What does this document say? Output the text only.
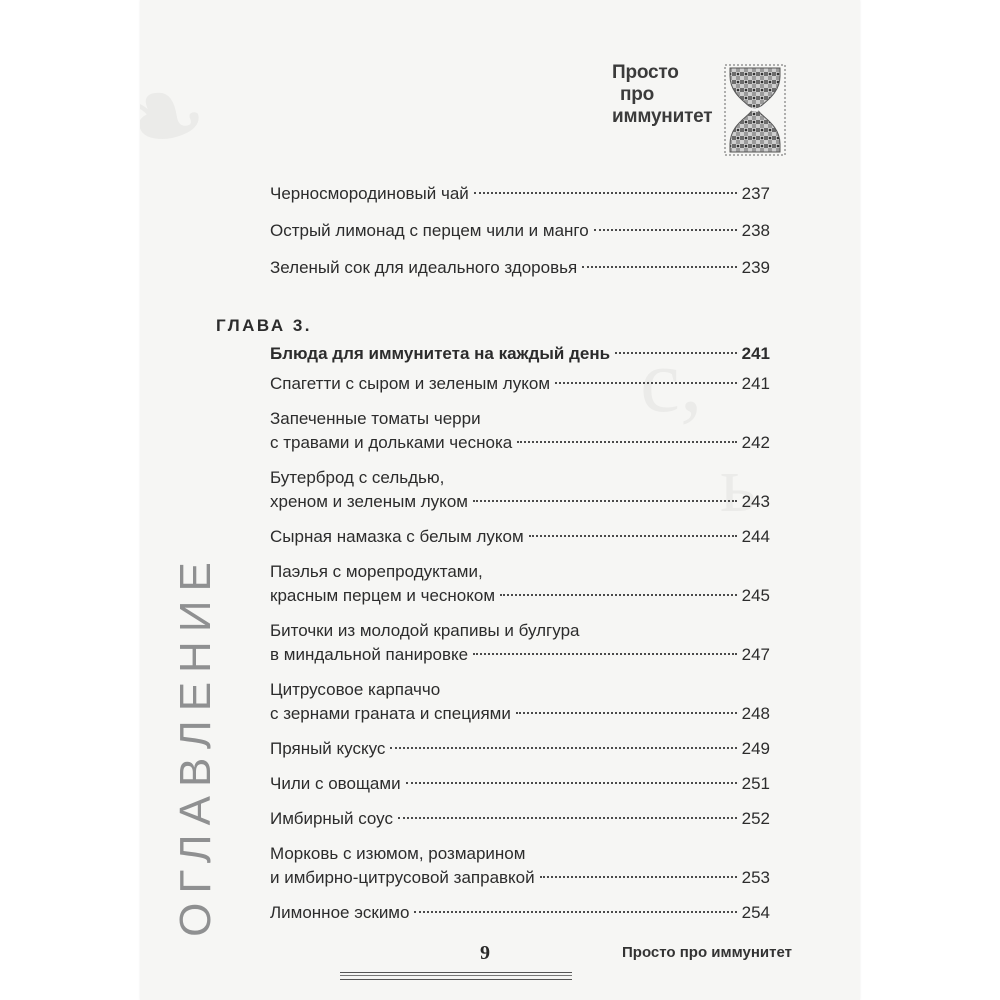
Просто
про
иммунитет
ОГЛАВЛЕНИЕ
Черносмородиновый чай	237
Острый лимонад с перцем чили и манго	238
Зеленый сок для идеального здоровья	239
ГЛАВА 3.
Блюда для иммунитета на каждый день	241
Спагетти с сыром и зеленым луком	241
Запеченные томаты черри
с травами и дольками чеснока	242
Бутерброд с сельдью,
хреном и зеленым луком	243
Сырная намазка с белым луком	244
Паэлья с морепродуктами,
красным перцем и чесноком	245
Биточки из молодой крапивы и булгура
в миндальной панировке	247
Цитрусовое карпаччо
с зернами граната и специями	248
Пряный кускус	249
Чили с овощами	251
Имбирный соус	252
Морковь с изюмом, розмарином
и имбирно-цитрусовой заправкой	253
Лимонное эскимо	254
9	Просто про иммунитет
